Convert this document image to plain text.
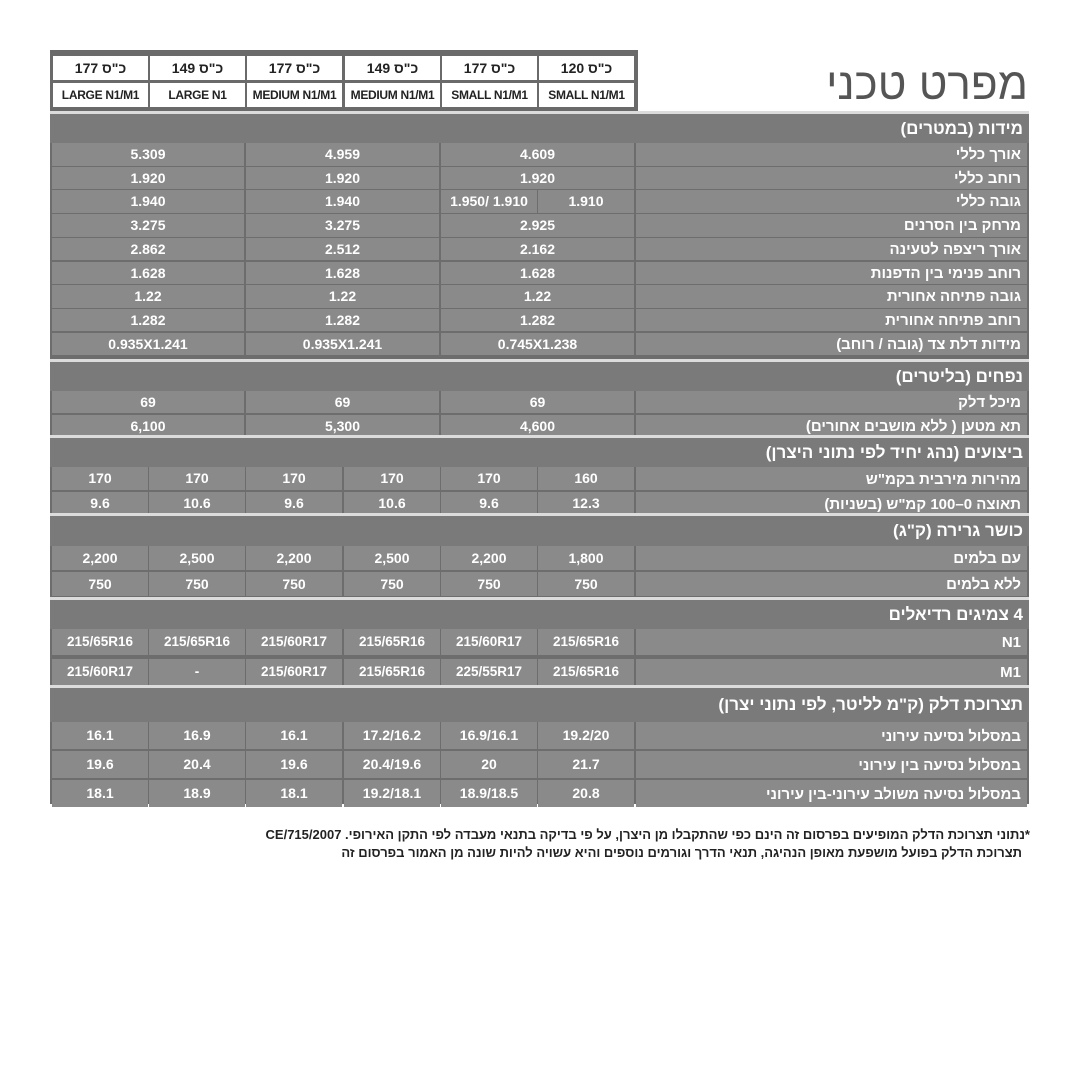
מפרט טכני
120 כ"ס
SMALL N1/M1
177 כ"ס
SMALL N1/M1
149 כ"ס
MEDIUM N1/M1
177 כ"ס
MEDIUM N1/M1
149 כ"ס
LARGE N1
177 כ"ס
LARGE N1/M1
מידות (במטרים)
אורך כללי
4.609
4.959
5.309
רוחב כללי
1.920
1.920
1.920
גובה כללי
1.910
1.950/ 1.910
1.940
1.940
מרחק בין הסרנים
2.925
3.275
3.275
אורך ריצפה לטעינה
2.162
2.512
2.862
רוחב פנימי בין הדפנות
1.628
1.628
1.628
גובה פתיחה אחורית
1.22
1.22
1.22
רוחב פתיחה אחורית
1.282
1.282
1.282
מידות דלת צד (גובה / רוחב)
0.745X1.238
0.935X1.241
0.935X1.241
נפחים (בליטרים)
מיכל דלק
69
69
69
תא מטען ( ללא מושבים אחורים)
4,600
5,300
6,100
ביצועים (נהג יחיד לפי נתוני היצרן)
מהירות מירבית בקמ"ש
160
170
170
170
170
170
תאוצה 0–100 קמ"ש (בשניות)
12.3
9.6
10.6
9.6
10.6
9.6
כושר גרירה (ק"ג)
עם בלמים
1,800
2,200
2,500
2,200
2,500
2,200
ללא בלמים
750
750
750
750
750
750
4 צמיגים רדיאלים
N1
215/65R16
215/60R17
215/65R16
215/60R17
215/65R16
215/65R16
M1
215/65R16
225/55R17
215/65R16
215/60R17
-
215/60R17
תצרוכת דלק (ק"מ לליטר, לפי נתוני יצרן)
במסלול נסיעה עירוני
19.2/20
16.9/16.1
17.2/16.2
16.1
16.9
16.1
במסלול נסיעה בין עירוני
21.7
20
20.4/19.6
19.6
20.4
19.6
במסלול נסיעה משולב עירוני-בין עירוני
20.8
18.9/18.5
19.2/18.1
18.1
18.9
18.1
*נתוני תצרוכת הדלק המופיעים בפרסום זה הינם כפי שהתקבלו מן היצרן, על פי בדיקה בתנאי מעבדה לפי התקן האירופי. CE/715/2007
תצרוכת הדלק בפועל מושפעת מאופן הנהיגה, תנאי הדרך וגורמים נוספים והיא עשויה להיות שונה מן האמור בפרסום זה
